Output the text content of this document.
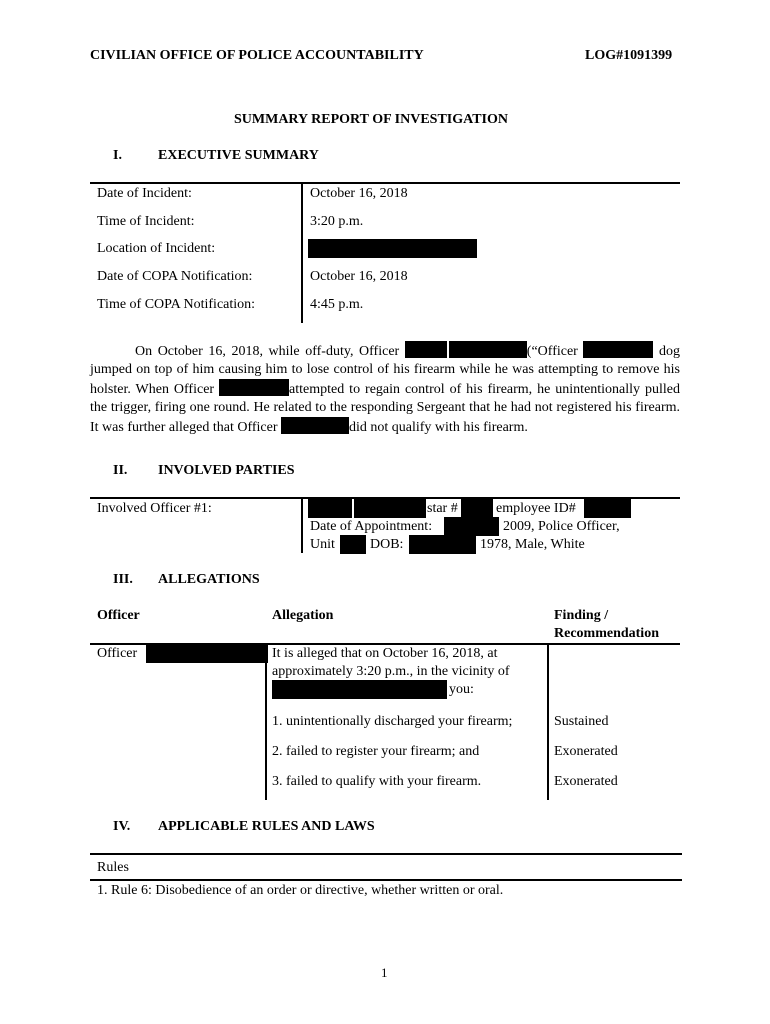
CIVILIAN OFFICE OF POLICE ACCOUNTABILITY	LOG#1091399
SUMMARY REPORT OF INVESTIGATION
I.	EXECUTIVE SUMMARY
Date of Incident:	October 16, 2018
Time of Incident:	3:20 p.m.
Location of Incident:
Date of COPA Notification:	October 16, 2018
Time of COPA Notification:	4:45 p.m.
On October 16, 2018, while off-duty, Officer	(“Officer	dog jumped on top of him causing him to lose control of his firearm while he was attempting to remove his holster. When Officer	attempted to regain control of his firearm, he unintentionally pulled the trigger, firing one round. He related to the responding Sergeant that he had not registered his firearm. It was further alleged that Officer	did not qualify with his firearm.
II. INVOLVED PARTIES
Involved Officer #1:	star #	employee ID#
Date of Appointment:	2009, Police Officer,
Unit	DOB:	1978, Male, White
III. ALLEGATIONS
Officer	Allegation	Finding /
Recommendation
Officer	It is alleged that on October 16, 2018, at
approximately 3:20 p.m., in the vicinity of
you:
1. unintentionally discharged your firearm;	Sustained
2. failed to register your firearm; and	Exonerated
3. failed to qualify with your firearm.	Exonerated
IV. APPLICABLE RULES AND LAWS
Rules
1. Rule 6: Disobedience of an order or directive, whether written or oral.
1
